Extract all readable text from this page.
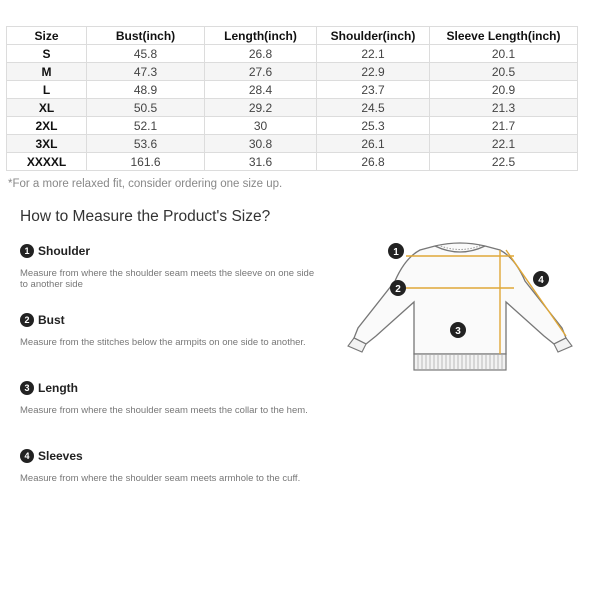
Size	Bust(inch)	Length(inch)	Shoulder(inch)	Sleeve Length(inch)
S	45.8	26.8	22.1	20.1
M	47.3	27.6	22.9	20.5
L	48.9	28.4	23.7	20.9
XL	50.5	29.2	24.5	21.3
2XL	52.1	30	25.3	21.7
3XL	53.6	30.8	26.1	22.1
XXXXL	161.6	31.6	26.8	22.5
*For a more relaxed fit, consider ordering one size up.
How to Measure the Product's Size?
1 Shoulder
Measure from where the shoulder seam meets the sleeve on one side to another side
2 Bust
Measure from the stitches below the armpits on one side to another.
3 Length
Measure from where the shoulder seam meets the collar to the hem.
4 Sleeves
Measure from where the shoulder seam meets armhole to the cuff.
1
2
3
4
